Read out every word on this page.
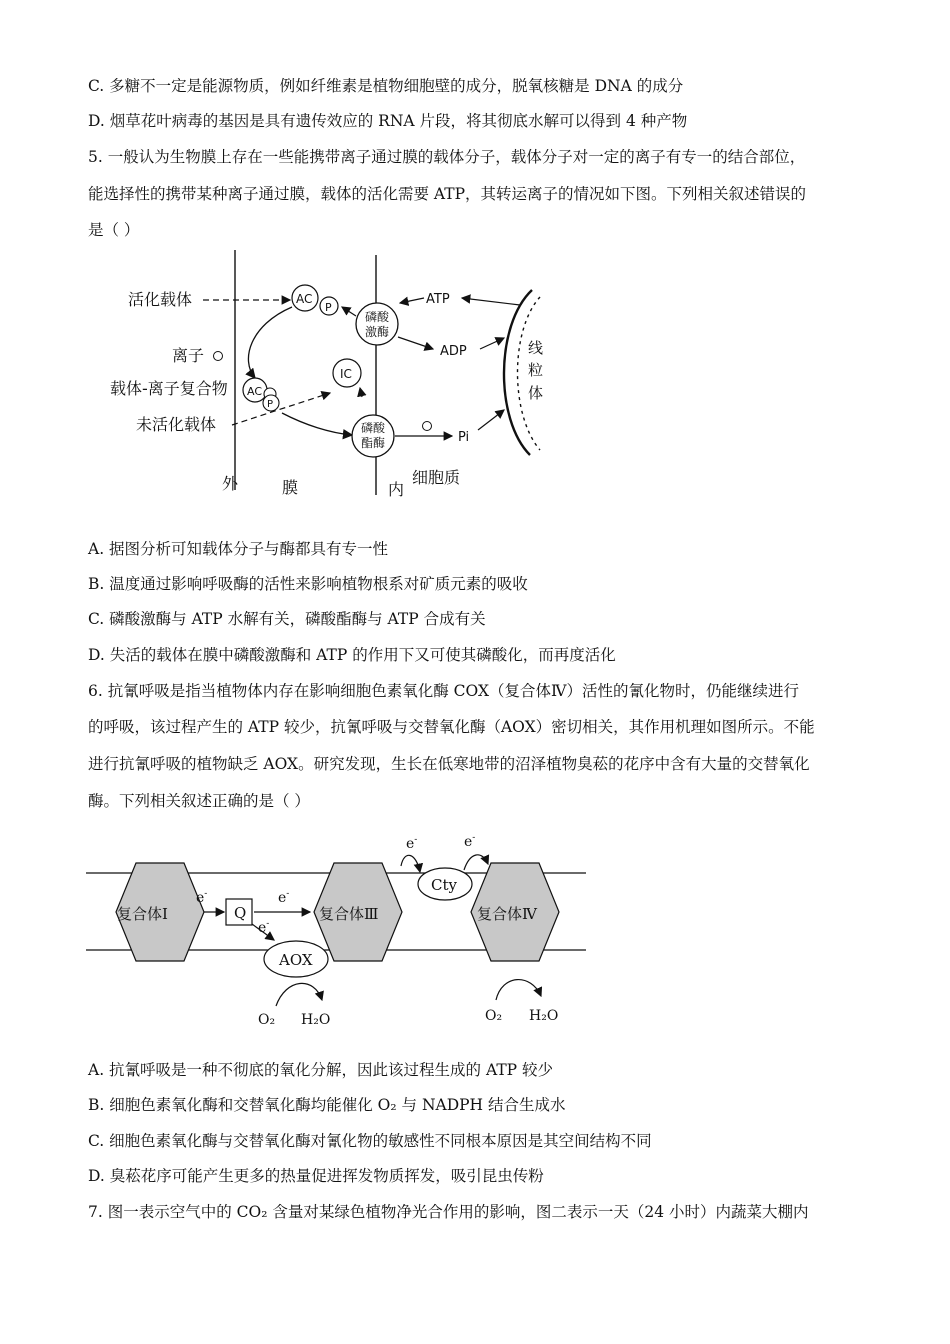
C. 多糖不一定是能源物质，例如纤维素是植物细胞壁的成分，脱氧核糖是 DNA 的成分
D. 烟草花叶病毒的基因是具有遗传效应的 RNA 片段，将其彻底水解可以得到 4 种产物
5. 一般认为生物膜上存在一些能携带离子通过膜的载体分子，载体分子对一定的离子有专一的结合部位，
能选择性的携带某种离子通过膜，载体的活化需要 ATP，其转运离子的情况如下图。下列相关叙述错误的
是（ ）
活化载体
离子
载体-离子复合物
未活化载体
AC
P
磷酸
激酶
AC
P
IC
磷酸
酯酶	Pi
ATP
ADP	线
粒
体
外	膜	内
细胞质
A. 据图分析可知载体分子与酶都具有专一性
B. 温度通过影响呼吸酶的活性来影响植物根系对矿质元素的吸收
C. 磷酸激酶与 ATP 水解有关，磷酸酯酶与 ATP 合成有关
D. 失活的载体在膜中磷酸激酶和 ATP 的作用下又可使其磷酸化，而再度活化
6. 抗氰呼吸是指当植物体内存在影响细胞色素氧化酶 COX（复合体Ⅳ）活性的氰化物时，仍能继续进行
的呼吸，该过程产生的 ATP 较少，抗氰呼吸与交替氧化酶（AOX）密切相关，其作用机理如图所示。不能
进行抗氰呼吸的植物缺乏 AOX。研究发现，生长在低寒地带的沼泽植物臭菘的花序中含有大量的交替氧化
酶。下列相关叙述正确的是（ ）
复合体Ⅰ	复合体Ⅲ	复合体Ⅳ
Q
e-	e-
e-
AOX
Cty
e-	e-
O₂ H₂O	O₂ H₂O
A. 抗氰呼吸是一种不彻底的氧化分解，因此该过程生成的 ATP 较少
B. 细胞色素氧化酶和交替氧化酶均能催化 O₂ 与 NADPH 结合生成水
C. 细胞色素氧化酶与交替氧化酶对氰化物的敏感性不同根本原因是其空间结构不同
D. 臭菘花序可能产生更多的热量促进挥发物质挥发，吸引昆虫传粉
7. 图一表示空气中的 CO₂ 含量对某绿色植物净光合作用的影响，图二表示一天（24 小时）内蔬菜大棚内
